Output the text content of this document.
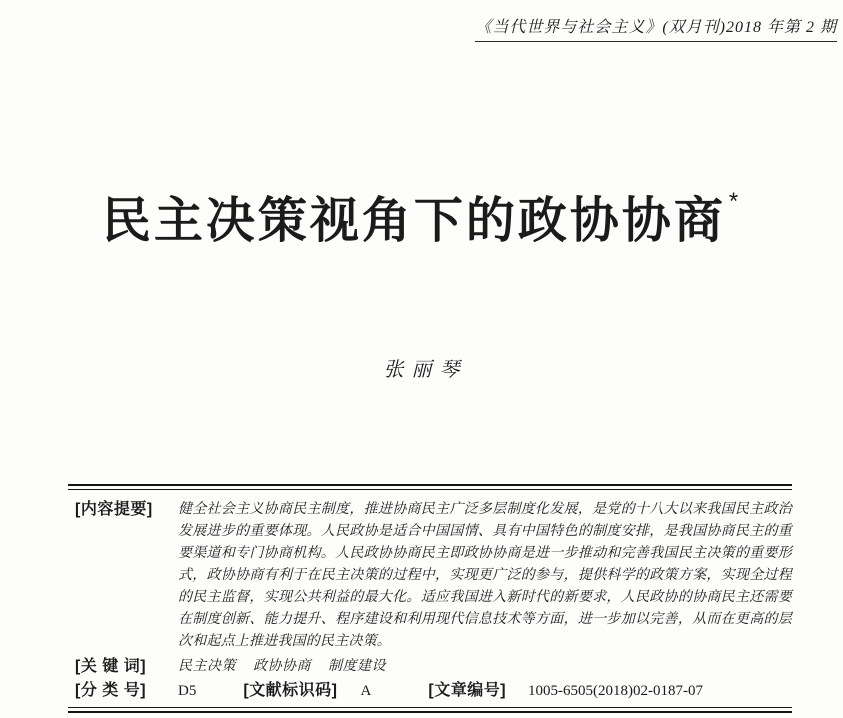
《当代世界与社会主义》(双月刊)2018 年第 2 期
民主决策视角下的政协协商 *
张丽琴
[内容提要]	健全社会主义协商民主制度，推进协商民主广泛多层制度化发展，是党的十八大以来我国民主政治发展进步的重要体现。人民政协是适合中国国情、具有中国特色的制度安排，是我国协商民主的重要渠道和专门协商机构。人民政协协商民主即政协协商是进一步推动和完善我国民主决策的重要形式，政协协商有利于在民主决策的过程中，实现更广泛的参与，提供科学的政策方案，实现全过程的民主监督，实现公共利益的最大化。适应我国进入新时代的新要求，人民政协的协商民主还需要在制度创新、能力提升、程序建设和利用现代信息技术等方面，进一步加以完善，从而在更高的层次和起点上推进我国的民主决策。
[关 键 词]	民主决策 政协协商 制度建设
[分 类 号]	D5	[文献标识码] A	[文章编号] 1005-6505(2018)02-0187-07
